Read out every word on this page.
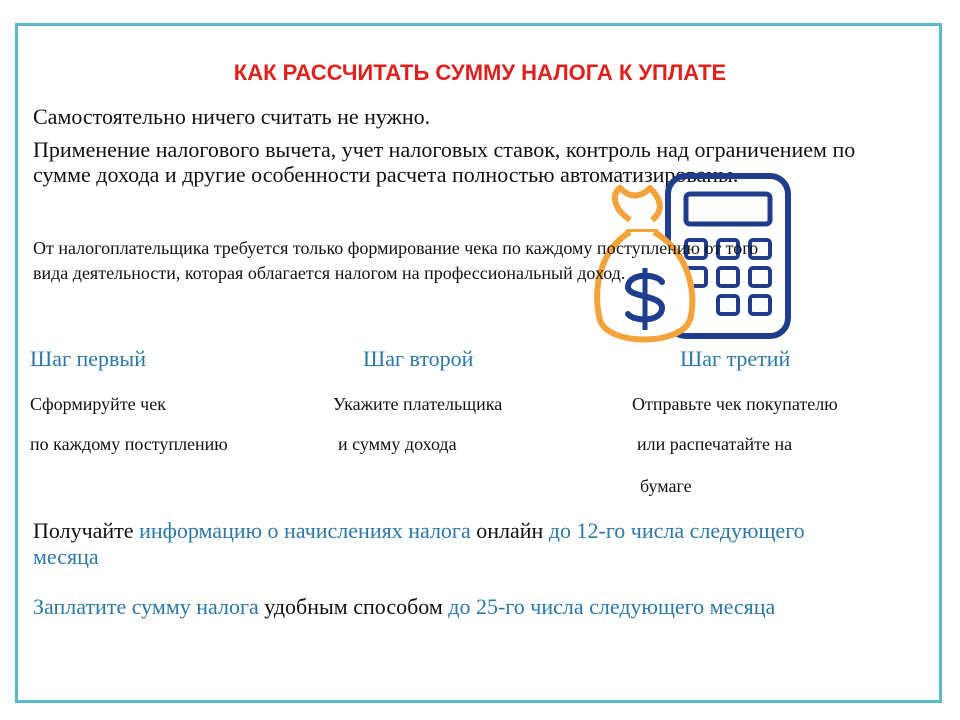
КАК РАССЧИТАТЬ СУММУ НАЛОГА К УПЛАТЕ
Самостоятельно ничего считать не нужно.
Применение налогового вычета, учет налоговых ставок, контроль над ограничением по сумме дохода и другие особенности расчета полностью автоматизированы.
От налогоплательщика требуется только формирование чека по каждому поступлению от того вида деятельности, которая облагается налогом на профессиональный доход.
Шаг первый	Шаг второй	Шаг третий
Сформируйте чек
по каждому поступлению
Укажите плательщика
и сумму дохода
Отправьте чек покупателю
или распечатайте на
бумаге
Получайте информацию о начислениях налога онлайн до 12-го числа следующего месяца
Заплатите сумму налога удобным способом до 25-го числа следующего месяца
